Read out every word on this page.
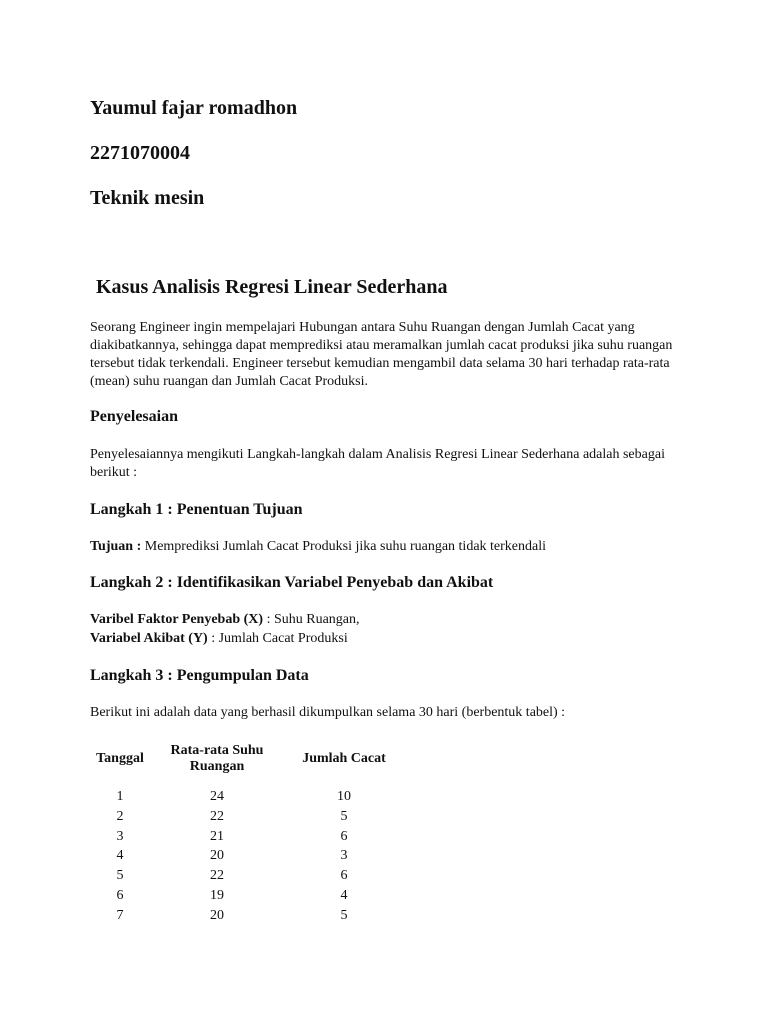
Yaumul fajar romadhon

2271070004

Teknik mesin

Kasus Analisis Regresi Linear Sederhana

Seorang Engineer ingin mempelajari Hubungan antara Suhu Ruangan dengan Jumlah Cacat yang diakibatkannya, sehingga dapat memprediksi atau meramalkan jumlah cacat produksi jika suhu ruangan tersebut tidak terkendali. Engineer tersebut kemudian mengambil data selama 30 hari terhadap rata-rata (mean) suhu ruangan dan Jumlah Cacat Produksi.

Penyelesaian

Penyelesaiannya mengikuti Langkah-langkah dalam Analisis Regresi Linear Sederhana adalah sebagai berikut :

Langkah 1 : Penentuan Tujuan

Tujuan : Memprediksi Jumlah Cacat Produksi jika suhu ruangan tidak terkendali

Langkah 2 : Identifikasikan Variabel Penyebab dan Akibat

Varibel Faktor Penyebab (X) : Suhu Ruangan,

Variabel Akibat (Y) : Jumlah Cacat Produksi

Langkah 3 : Pengumpulan Data

Berikut ini adalah data yang berhasil dikumpulkan selama 30 hari (berbentuk tabel) :

Tanggal	Rata-rata Suhu Ruangan	Jumlah Cacat
1	24	10
2	22	5
3	21	6
4	20	3
5	22	6
6	19	4
7	20	5
